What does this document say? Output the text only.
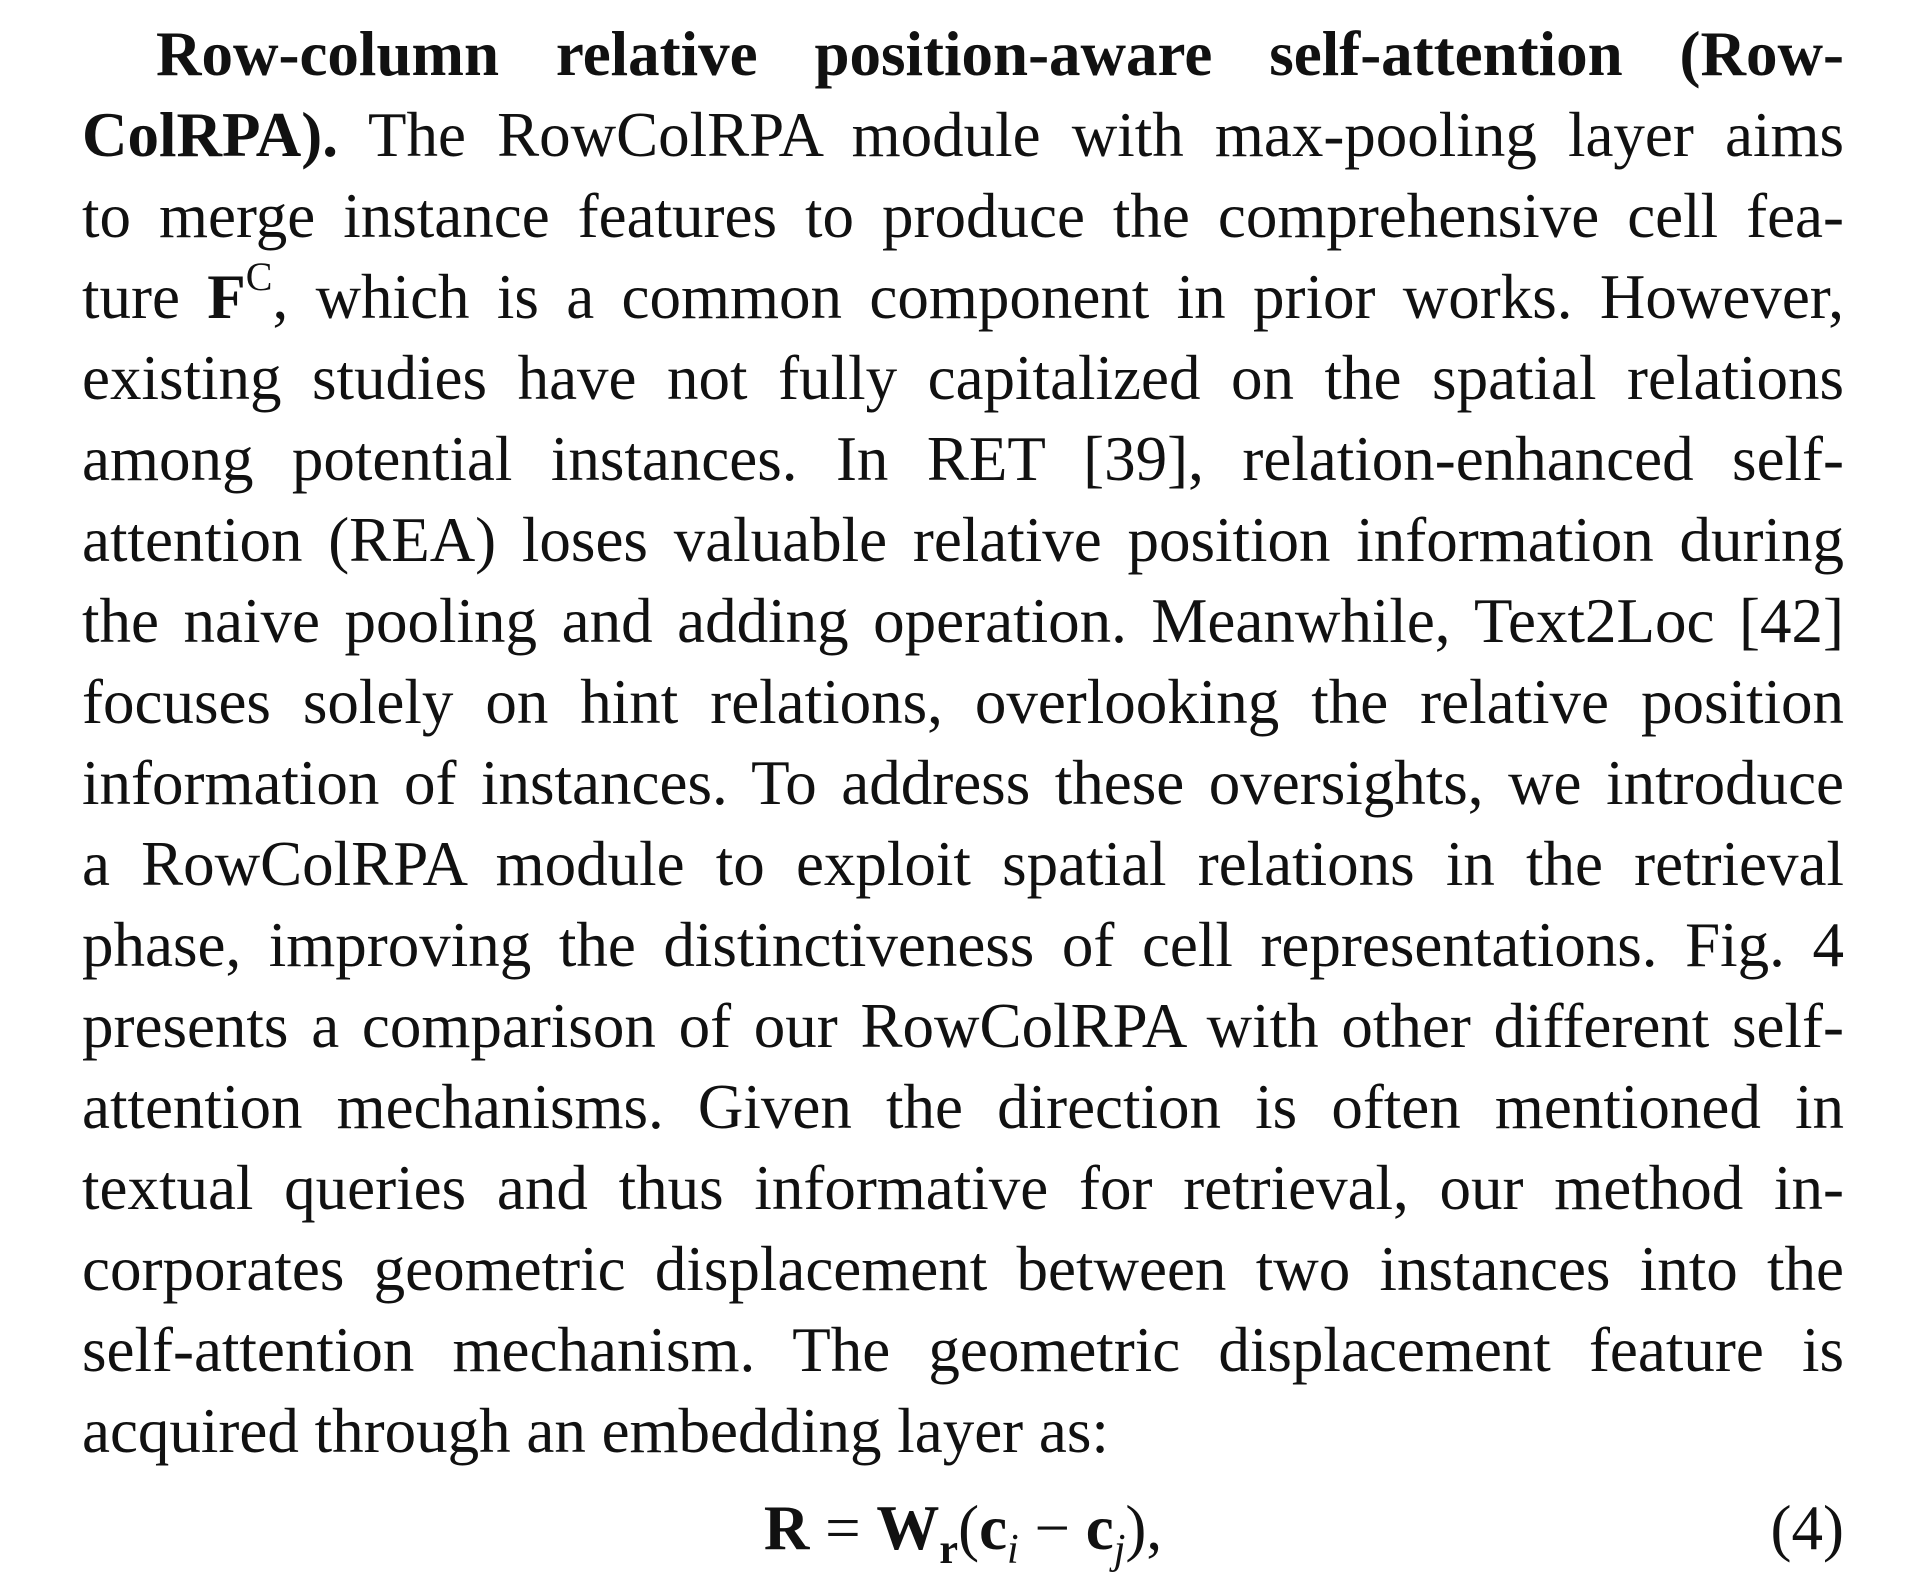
Row-column relative position-aware self-attention (Row-
ColRPA). The RowColRPA module with max-pooling layer aims
to merge instance features to produce the comprehensive cell fea-
ture $F^C$, which is a common component in prior works. However,
existing studies have not fully capitalized on the spatial relations
among potential instances. In RET [39], relation-enhanced self-
attention (REA) loses valuable relative position information during
the naive pooling and adding operation. Meanwhile, Text2Loc [42]
focuses solely on hint relations, overlooking the relative position
information of instances. To address these oversights, we introduce
a RowColRPA module to exploit spatial relations in the retrieval
phase, improving the distinctiveness of cell representations. Fig. 4
presents a comparison of our RowColRPA with other different self-
attention mechanisms. Given the direction is often mentioned in
textual queries and thus informative for retrieval, our method in-
corporates geometric displacement between two instances into the
self-attention mechanism. The geometric displacement feature is
acquired through an embedding layer as:
$R = W_r(c_i - c_j)$,	(4)
